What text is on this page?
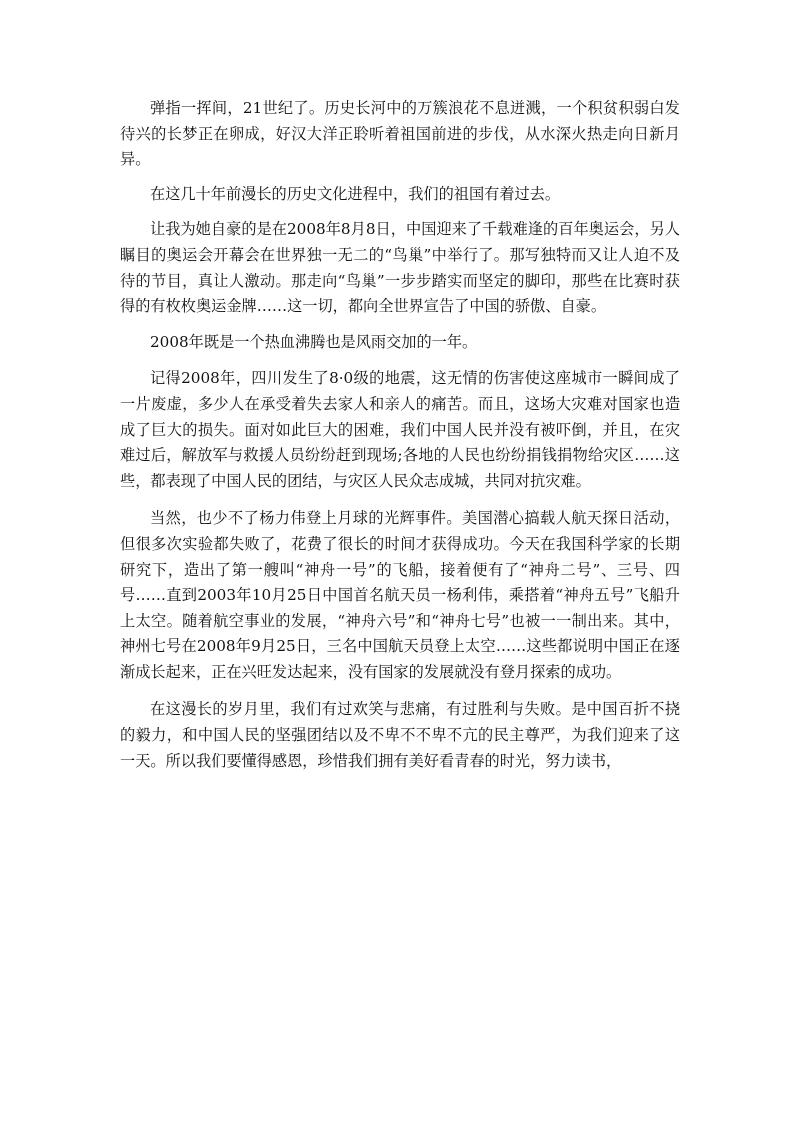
弹指一挥间，21世纪了。历史长河中的万簇浪花不息迸溅，一个积贫积弱白发待兴的长梦正在卵成，好汉大洋正聆听着祖国前进的步伐，从水深火热走向日新月异。

在这几十年前漫长的历史文化进程中，我们的祖国有着过去。

让我为她自豪的是在2008年8月8日，中国迎来了千载难逢的百年奥运会，另人瞩目的奥运会开幕会在世界独一无二的“鸟巢”中举行了。那写独特而又让人迫不及待的节目，真让人激动。那走向“鸟巢”一步步踏实而坚定的脚印，那些在比赛时获得的有枚枚奥运金牌……这一切，都向全世界宣告了中国的骄傲、自豪。

2008年既是一个热血沸腾也是风雨交加的一年。

记得2008年，四川发生了8·0级的地震，这无情的伤害使这座城市一瞬间成了一片废虚，多少人在承受着失去家人和亲人的痛苦。而且，这场大灾难对国家也造成了巨大的损失。面对如此巨大的困难，我们中国人民并没有被吓倒，并且，在灾难过后，解放军与救援人员纷纷赶到现场;各地的人民也纷纷捐钱捐物给灾区……这些，都表现了中国人民的团结，与灾区人民众志成城，共同对抗灾难。

当然，也少不了杨力伟登上月球的光辉事件。美国潜心搞载人航天探日活动，但很多次实验都失败了，花费了很长的时间才获得成功。今天在我国科学家的长期研究下，造出了第一艘叫“神舟一号”的飞船，接着便有了“神舟二号”、三号、四号……直到2003年10月25日中国首名航天员一杨利伟，乘搭着“神舟五号”飞船升上太空。随着航空事业的发展，“神舟六号”和“神舟七号”也被一一制出来。其中，神州七号在2008年9月25日，三名中国航天员登上太空……这些都说明中国正在逐渐成长起来，正在兴旺发达起来，没有国家的发展就没有登月探索的成功。

在这漫长的岁月里，我们有过欢笑与悲痛，有过胜利与失败。是中国百折不挠的毅力，和中国人民的坚强团结以及不卑不不卑不亢的民主尊严，为我们迎来了这一天。所以我们要懂得感恩，珍惜我们拥有美好看青春的时光，努力读书，
